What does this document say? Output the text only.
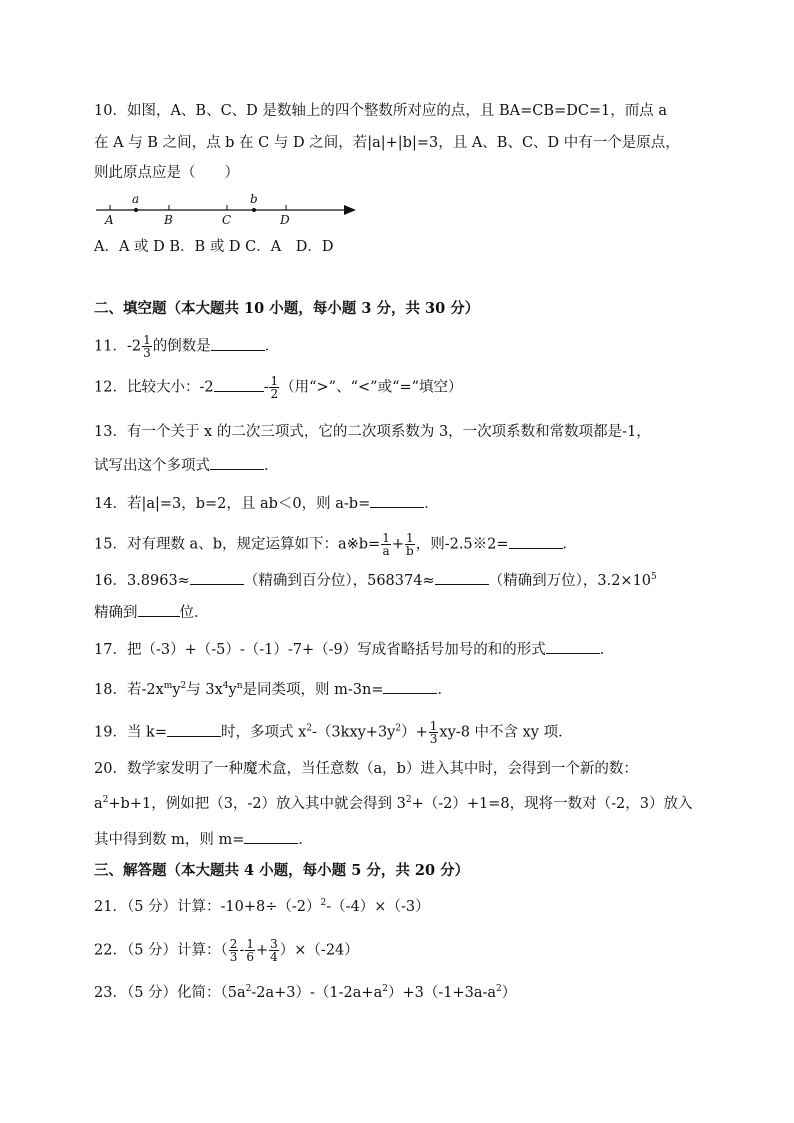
10．如图，A、B、C、D 是数轴上的四个整数所对应的点，且 BA=CB=DC=1，而点 a
在 A 与 B 之间，点 b 在 C 与 D 之间，若|a|+|b|=3，且 A、B、C、D 中有一个是原点，
则此原点应是（　　）
A	B	C	D
a	b
A．A 或 D B．B 或 D C．A　D．D
二、填空题（本大题共 10 小题，每小题 3 分，共 30 分）
11．$-2 \frac{1}{3}$ 的倒数是	．
12．比较大小：-2	- $\frac{1}{2}$ （用“>”、“<”或“=”填空）
13．有一个关于 x 的二次三项式，它的二次项系数为 3，一次项系数和常数项都是-1，
试写出这个多项式	．
14．若|a|=3，b=2，且 ab＜0，则 a-b=	．
15．对有理数 a、b，规定运算如下：a※b= $\frac{1}{a} + \frac{1}{b}$ ，则-2.5※2=	．
16．3.8963≈	（精确到百分位），568374≈	（精确到万位），$3.2\times 10^5$
精确到	位．
17．把（-3）+（-5）-（-1）-7+（-9）写成省略括号加号的和的形式	．
18．若$-2x^my^2$与 $3x^4y^n$是同类项，则 m-3n=	．
19．当 k=	时，多项式 $x^2-(3kxy+3y^2)+ \frac{1}{3} xy-8$ 中不含 xy 项．
20．数学家发明了一种魔术盒，当任意数（a，b）进入其中时，会得到一个新的数：
$a^2+b+1$，例如把（3，-2）放入其中就会得到 $3^2+(-2)+1=8$，现将一数对（-2，3）放入
其中得到数 m，则 m=	．
三、解答题（本大题共 4 小题，每小题 5 分，共 20 分）
21．（5 分）计算：$-10+8\div(-2)^2-(-4)\times(-3)$
22．（5 分）计算：（ $\frac{2}{3} - \frac{1}{6} + \frac{3}{4} )\times(-24)$
23．（5 分）化简：$(5a^2-2a+3)-(1-2a+a^2)+3(-1+3a-a^2)$
